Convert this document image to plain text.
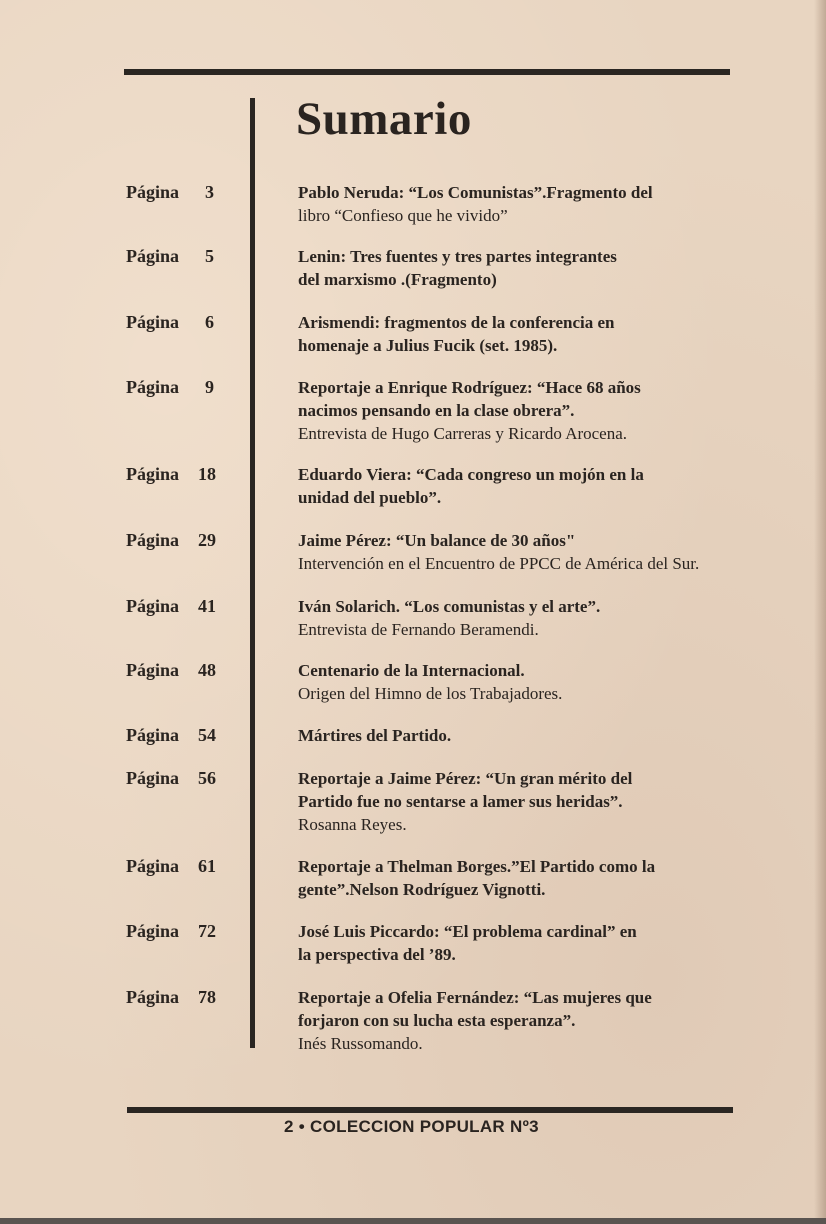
Sumario
Página 3	Pablo Neruda: “Los Comunistas”.Fragmento del
libro “Confieso que he vivido”
Página 5	Lenin: Tres fuentes y tres partes integrantes
del marxismo .(Fragmento)
Página 6	Arismendi: fragmentos de la conferencia en
homenaje a Julius Fucik (set. 1985).
Página 9	Reportaje a Enrique Rodríguez: “Hace 68 años
nacimos pensando en la clase obrera”.
Entrevista de Hugo Carreras y Ricardo Arocena.
Página 18	Eduardo Viera: “Cada congreso un mojón en la
unidad del pueblo”.
Página 29	Jaime Pérez: “Un balance de 30 años"
Intervención en el Encuentro de PPCC de América del Sur.
Página 41	Iván Solarich. “Los comunistas y el arte”.
Entrevista de Fernando Beramendi.
Página 48	Centenario de la Internacional.
Origen del Himno de los Trabajadores.
Página 54	Mártires del Partido.
Página 56	Reportaje a Jaime Pérez: “Un gran mérito del
Partido fue no sentarse a lamer sus heridas”.
Rosanna Reyes.
Página 61	Reportaje a Thelman Borges.”El Partido como la
gente”.Nelson Rodríguez Vignotti.
Página 72	José Luis Piccardo: “El problema cardinal” en
la perspectiva del ’89.
Página 78	Reportaje a Ofelia Fernández: “Las mujeres que
forjaron con su lucha esta esperanza”.
Inés Russomando.

2 • COLECCION POPULAR Nº3
